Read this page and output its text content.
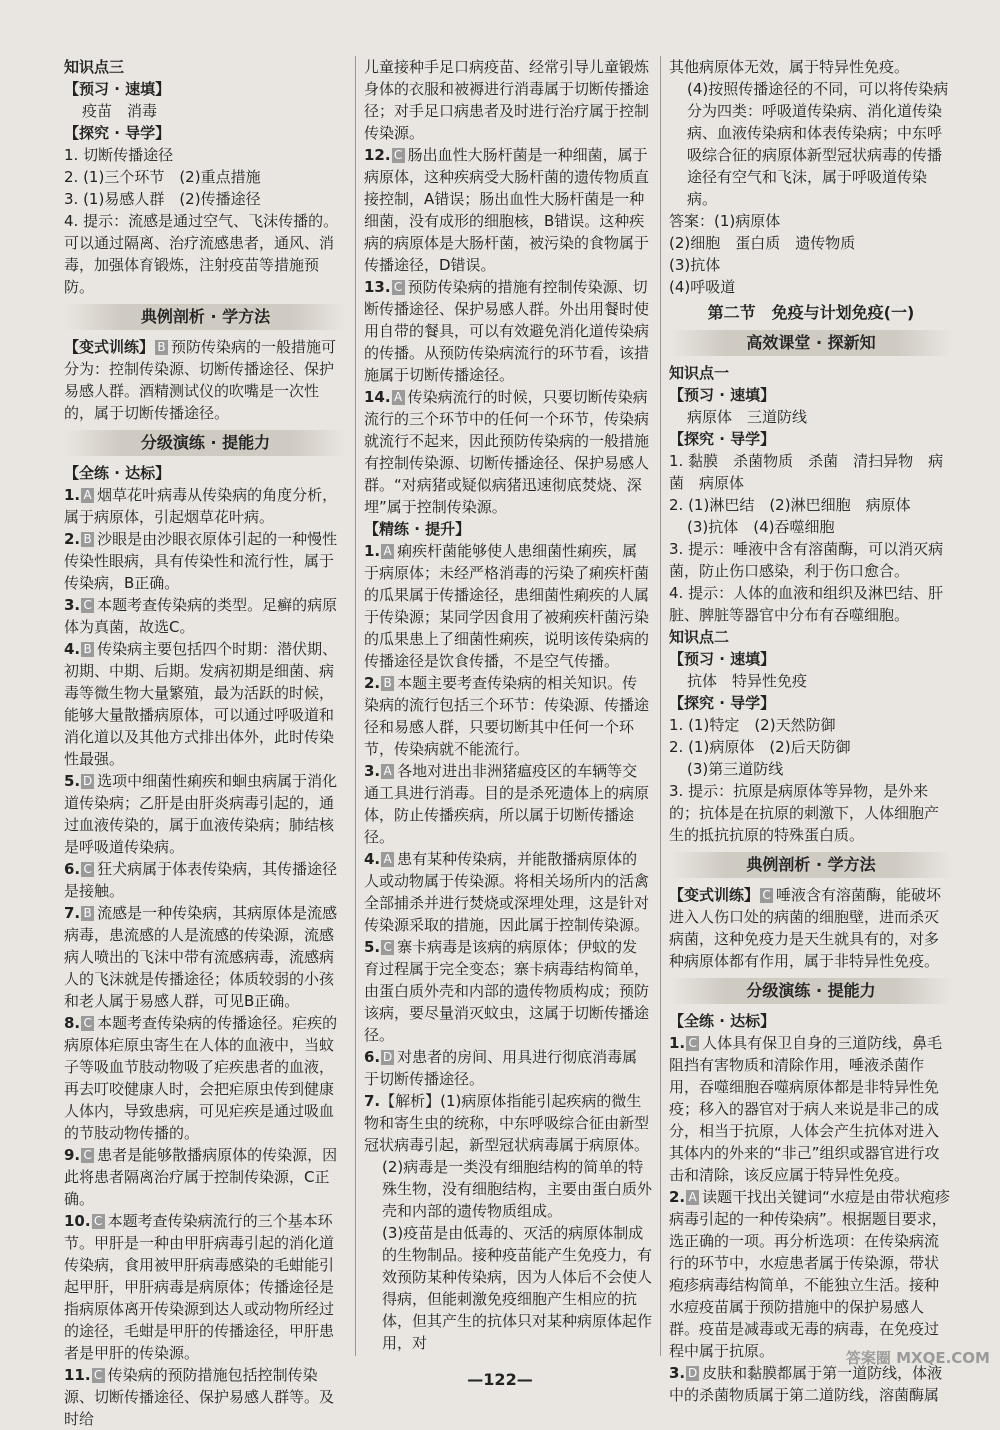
知识点三
【预习 · 速填】
疫苗　消毒
【探究 · 导学】
1. 切断传播途径
2. (1)三个环节　(2)重点措施
3. (1)易感人群　(2)传播途径
4. 提示：流感是通过空气、飞沫传播的。可以通过隔离、治疗流感患者，通风、消毒，加强体育锻炼，注射疫苗等措施预防。
典例剖析 · 学方法
【变式训练】 B 预防传染病的一般措施可分为：控制传染源、切断传播途径、保护易感人群。酒精测试仪的吹嘴是一次性的，属于切断传播途径。
分级演练 · 提能力
【全练 · 达标】
1. A 烟草花叶病毒从传染病的角度分析，属于病原体，引起烟草花叶病。
2. B 沙眼是由沙眼衣原体引起的一种慢性传染性眼病，具有传染性和流行性，属于传染病，B正确。
3. C 本题考查传染病的类型。足癣的病原体为真菌，故选C。
4. B 传染病主要包括四个时期：潜伏期、初期、中期、后期。发病初期是细菌、病毒等微生物大量繁殖，最为活跃的时候，能够大量散播病原体，可以通过呼吸道和消化道以及其他方式排出体外，此时传染性最强。
5. D 选项中细菌性痢疾和蛔虫病属于消化道传染病；乙肝是由肝炎病毒引起的，通过血液传染的，属于血液传染病；肺结核是呼吸道传染病。
6. C 狂犬病属于体表传染病，其传播途径是接触。
7. B 流感是一种传染病，其病原体是流感病毒，患流感的人是流感的传染源，流感病人喷出的飞沫中带有流感病毒，流感病人的飞沫就是传播途径；体质较弱的小孩和老人属于易感人群，可见B正确。
8. C 本题考查传染病的传播途径。疟疾的病原体疟原虫寄生在人体的血液中，当蚊子等吸血节肢动物吸了疟疾患者的血液，再去叮咬健康人时，会把疟原虫传到健康人体内，导致患病，可见疟疾是通过吸血的节肢动物传播的。
9. C 患者是能够散播病原体的传染源，因此将患者隔离治疗属于控制传染源，C正确。
10. C 本题考查传染病流行的三个基本环节。甲肝是一种由甲肝病毒引起的消化道传染病，食用被甲肝病毒感染的毛蚶能引起甲肝，甲肝病毒是病原体；传播途径是指病原体离开传染源到达人或动物所经过的途径，毛蚶是甲肝的传播途径，甲肝患者是甲肝的传染源。
11. C 传染病的预防措施包括控制传染源、切断传播途径、保护易感人群等。及时给
儿童接种手足口病疫苗、经常引导儿童锻炼身体的衣服和被褥进行消毒属于切断传播途径；对手足口病患者及时进行治疗属于控制传染源。
12. C 肠出血性大肠杆菌是一种细菌，属于病原体，这种疾病受大肠杆菌的遗传物质直接控制，A错误；肠出血性大肠杆菌是一种细菌，没有成形的细胞核，B错误。这种疾病的病原体是大肠杆菌，被污染的食物属于传播途径，D错误。
13. C 预防传染病的措施有控制传染源、切断传播途径、保护易感人群。外出用餐时使用自带的餐具，可以有效避免消化道传染病的传播。从预防传染病流行的环节看，该措施属于切断传播途径。
14. A 传染病流行的时候，只要切断传染病流行的三个环节中的任何一个环节，传染病就流行不起来，因此预防传染病的一般措施有控制传染源、切断传播途径、保护易感人群。“对病猪或疑似病猪迅速彻底焚烧、深埋”属于控制传染源。
【精练 · 提升】
1. A 痢疾杆菌能够使人患细菌性痢疾，属于病原体；未经严格消毒的污染了痢疾杆菌的瓜果属于传播途径，患细菌性痢疾的人属于传染源；某同学因食用了被痢疾杆菌污染的瓜果患上了细菌性痢疾，说明该传染病的传播途径是饮食传播，不是空气传播。
2. B 本题主要考查传染病的相关知识。传染病的流行包括三个环节：传染源、传播途径和易感人群，只要切断其中任何一个环节，传染病就不能流行。
3. A 各地对进出非洲猪瘟疫区的车辆等交通工具进行消毒。目的是杀死遗体上的病原体，防止传播疾病，所以属于切断传播途径。
4. A 患有某种传染病，并能散播病原体的人或动物属于传染源。将相关场所内的活禽全部捕杀并进行焚烧或深埋处理，这是针对传染源采取的措施，因此属于控制传染源。
5. C 寨卡病毒是该病的病原体；伊蚊的发育过程属于完全变态；寨卡病毒结构简单，由蛋白质外壳和内部的遗传物质构成；预防该病，要尽量消灭蚊虫，这属于切断传播途径。
6. D 对患者的房间、用具进行彻底消毒属于切断传播途径。
7.【解析】(1)病原体指能引起疾病的微生物和寄生虫的统称，中东呼吸综合征由新型冠状病毒引起，新型冠状病毒属于病原体。
(2)病毒是一类没有细胞结构的简单的特殊生物，没有细胞结构，主要由蛋白质外壳和内部的遗传物质组成。
(3)疫苗是由低毒的、灭活的病原体制成的生物制品。接种疫苗能产生免疫力，有效预防某种传染病，因为人体后不会使人得病，但能刺激免疫细胞产生相应的抗体，但其产生的抗体只对某种病原体起作用，对
其他病原体无效，属于特异性免疫。
(4)按照传播途径的不同，可以将传染病分为四类：呼吸道传染病、消化道传染病、血液传染病和体表传染病；中东呼吸综合征的病原体新型冠状病毒的传播途径有空气和飞沫，属于呼吸道传染病。
答案：(1)病原体
(2)细胞　蛋白质　遗传物质
(3)抗体
(4)呼吸道
第二节　免疫与计划免疫(一)
高效课堂 · 探新知
知识点一
【预习 · 速填】
病原体　三道防线
【探究 · 导学】
1. 黏膜　杀菌物质　杀菌　清扫异物　病菌　病原体
2. (1)淋巴结　(2)淋巴细胞　病原体
(3)抗体　(4)吞噬细胞
3. 提示：唾液中含有溶菌酶，可以消灭病菌，防止伤口感染，利于伤口愈合。
4. 提示：人体的血液和组织及淋巴结、肝脏、脾脏等器官中分布有吞噬细胞。
知识点二
【预习 · 速填】
抗体　特异性免疫
【探究 · 导学】
1. (1)特定　(2)天然防御
2. (1)病原体　(2)后天防御
(3)第三道防线
3. 提示：抗原是病原体等异物，是外来的；抗体是在抗原的刺激下，人体细胞产生的抵抗抗原的特殊蛋白质。
典例剖析 · 学方法
【变式训练】 C 唾液含有溶菌酶，能破坏进入人伤口处的病菌的细胞壁，进而杀灭病菌，这种免疫力是天生就具有的，对多种病原体都有作用，属于非特异性免疫。
分级演练 · 提能力
【全练 · 达标】
1. C 人体具有保卫自身的三道防线，鼻毛阻挡有害物质和清除作用，唾液杀菌作用，吞噬细胞吞噬病原体都是非特异性免疫；移入的器官对于病人来说是非己的成分，相当于抗原，人体会产生抗体对进入其体内的外来的“非己”组织或器官进行攻击和清除，该反应属于特异性免疫。
2. A 读题干找出关键词“水痘是由带状疱疹病毒引起的一种传染病”。根据题目要求，选正确的一项。再分析选项：在传染病流行的环节中，水痘患者属于传染源，带状疱疹病毒结构简单，不能独立生活。接种水痘疫苗属于预防措施中的保护易感人群。疫苗是减毒或无毒的病毒，在免疫过程中属于抗原。
3. D 皮肤和黏膜都属于第一道防线，体液中的杀菌物质属于第二道防线，溶菌酶属
—122—
答案圈 MXQE.COM
